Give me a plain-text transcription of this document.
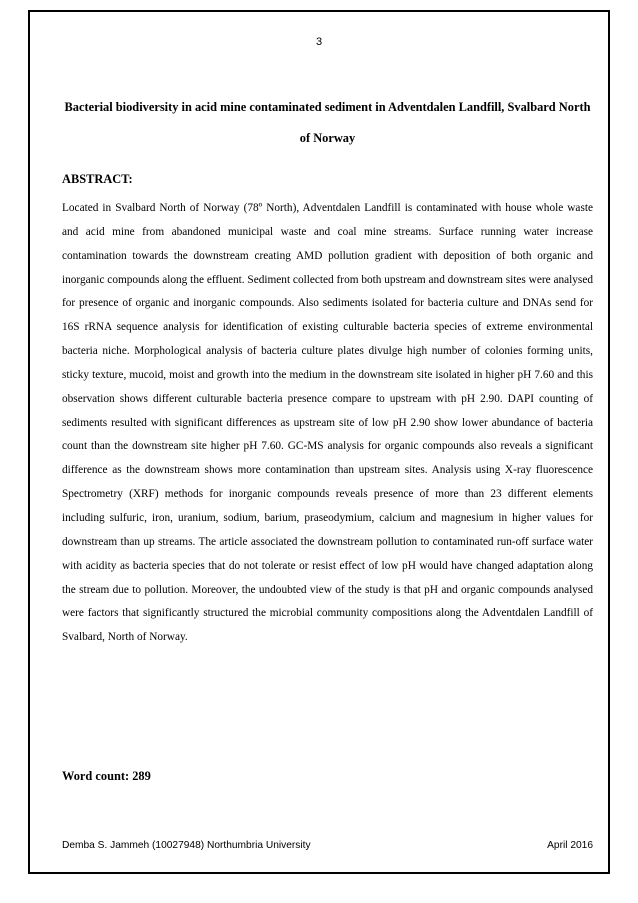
3
Bacterial biodiversity in acid mine contaminated sediment in Adventdalen Landfill, Svalbard North of Norway
ABSTRACT:

Located in Svalbard North of Norway (78º North), Adventdalen Landfill is contaminated with house whole waste and acid mine from abandoned municipal waste and coal mine streams. Surface running water increase contamination towards the downstream creating AMD pollution gradient with deposition of both organic and inorganic compounds along the effluent. Sediment collected from both upstream and downstream sites were analysed for presence of organic and inorganic compounds. Also sediments isolated for bacteria culture and DNAs send for 16S rRNA sequence analysis for identification of existing culturable bacteria species of extreme environmental bacteria niche. Morphological analysis of bacteria culture plates divulge high number of colonies forming units, sticky texture, mucoid, moist and growth into the medium in the downstream site isolated in higher pH 7.60 and this observation shows different culturable bacteria presence compare to upstream with pH 2.90. DAPI counting of sediments resulted with significant differences as upstream site of low pH 2.90 show lower abundance of bacteria count than the downstream site higher pH 7.60. GC-MS analysis for organic compounds also reveals a significant difference as the downstream shows more contamination than upstream sites. Analysis using X-ray fluorescence Spectrometry (XRF) methods for inorganic compounds reveals presence of more than 23 different elements including sulfuric, iron, uranium, sodium, barium, praseodymium, calcium and magnesium in higher values for downstream than up streams. The article associated the downstream pollution to contaminated run-off surface water with acidity as bacteria species that do not tolerate or resist effect of low pH would have changed adaptation along the stream due to pollution. Moreover, the undoubted view of the study is that pH and organic compounds analysed were factors that significantly structured the microbial community compositions along the Adventdalen Landfill of Svalbard, North of Norway.

Word count: 289
Demba S. Jammeh (10027948) Northumbria University	April 2016
